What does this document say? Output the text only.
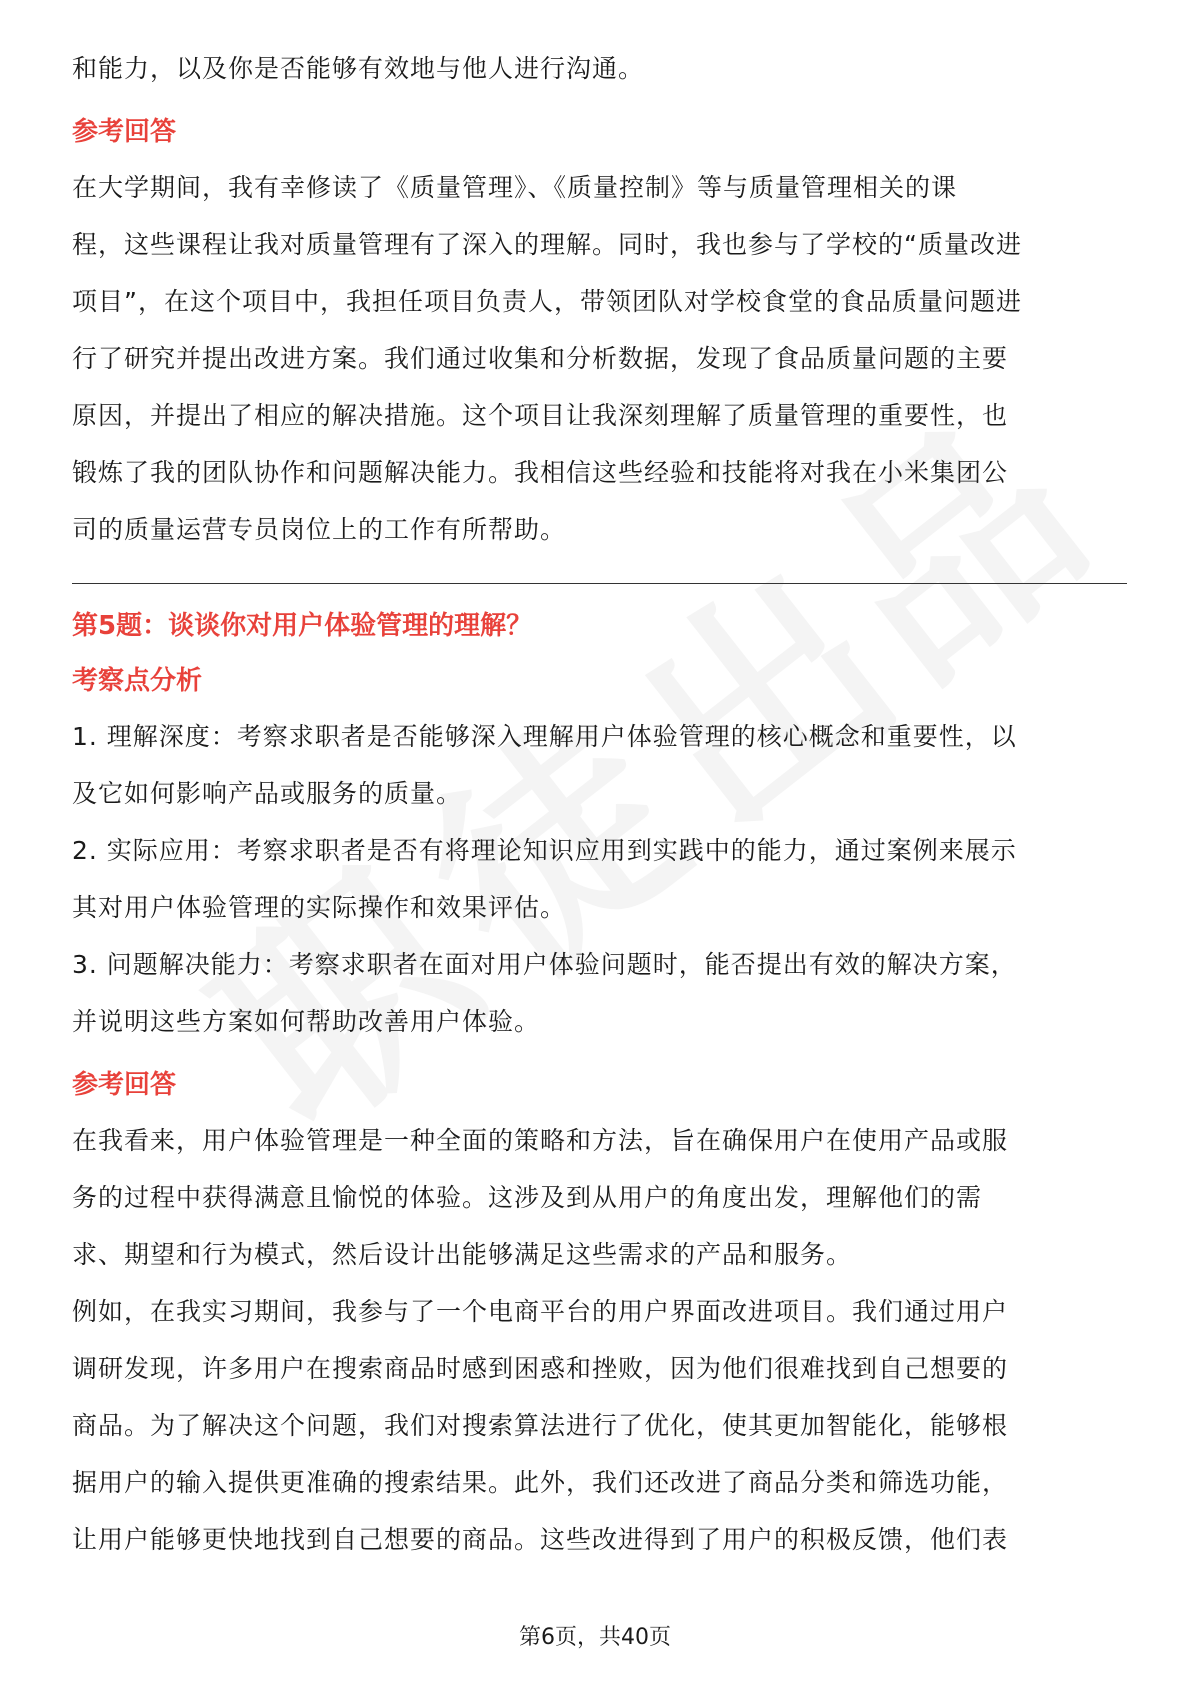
和能力，以及你是否能够有效地与他人进行沟通。

参考回答

在大学期间，我有幸修读了《质量管理》、《质量控制》等与质量管理相关的课

程，这些课程让我对质量管理有了深入的理解。同时，我也参与了学校的“质量改进

项目”，在这个项目中，我担任项目负责人，带领团队对学校食堂的食品质量问题进

行了研究并提出改进方案。我们通过收集和分析数据，发现了食品质量问题的主要

原因，并提出了相应的解决措施。这个项目让我深刻理解了质量管理的重要性，也

锻炼了我的团队协作和问题解决能力。我相信这些经验和技能将对我在小米集团公

司的质量运营专员岗位上的工作有所帮助。

第5题：谈谈你对用户体验管理的理解？

考察点分析

1. 理解深度：考察求职者是否能够深入理解用户体验管理的核心概念和重要性，以

及它如何影响产品或服务的质量。

2. 实际应用：考察求职者是否有将理论知识应用到实践中的能力，通过案例来展示

其对用户体验管理的实际操作和效果评估。

3. 问题解决能力：考察求职者在面对用户体验问题时，能否提出有效的解决方案，

并说明这些方案如何帮助改善用户体验。

参考回答

在我看来，用户体验管理是一种全面的策略和方法，旨在确保用户在使用产品或服

务的过程中获得满意且愉悦的体验。这涉及到从用户的角度出发，理解他们的需

求、期望和行为模式，然后设计出能够满足这些需求的产品和服务。

例如，在我实习期间，我参与了一个电商平台的用户界面改进项目。我们通过用户

调研发现，许多用户在搜索商品时感到困惑和挫败，因为他们很难找到自己想要的

商品。为了解决这个问题，我们对搜索算法进行了优化，使其更加智能化，能够根

据用户的输入提供更准确的搜索结果。此外，我们还改进了商品分类和筛选功能，

让用户能够更快地找到自己想要的商品。这些改进得到了用户的积极反馈，他们表

第6页，共40页
